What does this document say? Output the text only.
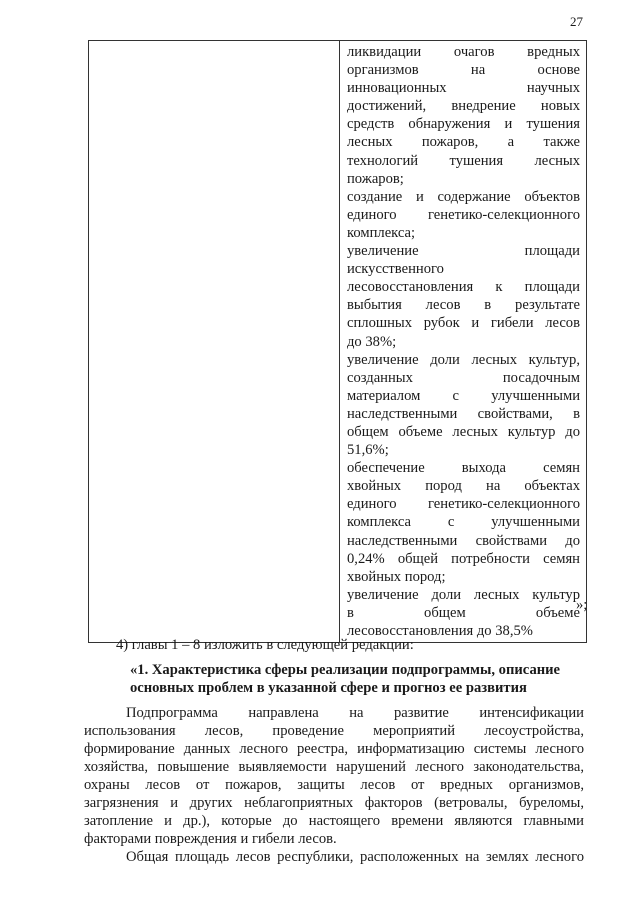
27

ликвидации очагов вредных
организмов на основе
инновационных научных
достижений, внедрение новых
средств обнаружения и тушения
лесных пожаров, а также
технологий тушения лесных
пожаров;
создание и содержание объектов
единого генетико-селекционного
комплекса;
увеличение площади
искусственного
лесовосстановления к площади
выбытия лесов в результате
сплошных рубок и гибели лесов
до 38%;
увеличение доли лесных культур,
созданных посадочным
материалом с улучшенными
наследственными свойствами, в
общем объеме лесных культур до
51,6%;
обеспечение выхода семян
хвойных пород на объектах
единого генетико-селекционного
комплекса с улучшенными
наследственными свойствами до
0,24% общей потребности семян
хвойных пород;
увеличение доли лесных культур
в общем объеме
лесовосстановления до 38,5%
»;
4) главы 1 – 8 изложить в следующей редакции:
«1. Характеристика сферы реализации подпрограммы, описание
основных проблем в указанной сфере и прогноз ее развития
Подпрограмма направлена на развитие интенсификации
использования лесов, проведение мероприятий лесоустройства,
формирование данных лесного реестра, информатизацию системы лесного
хозяйства, повышение выявляемости нарушений лесного законодательства,
охраны лесов от пожаров, защиты лесов от вредных организмов,
загрязнения и других неблагоприятных факторов (ветровалы, буреломы,
затопление и др.), которые до настоящего времени являются главными
факторами повреждения и гибели лесов.
Общая площадь лесов республики, расположенных на землях лесного
